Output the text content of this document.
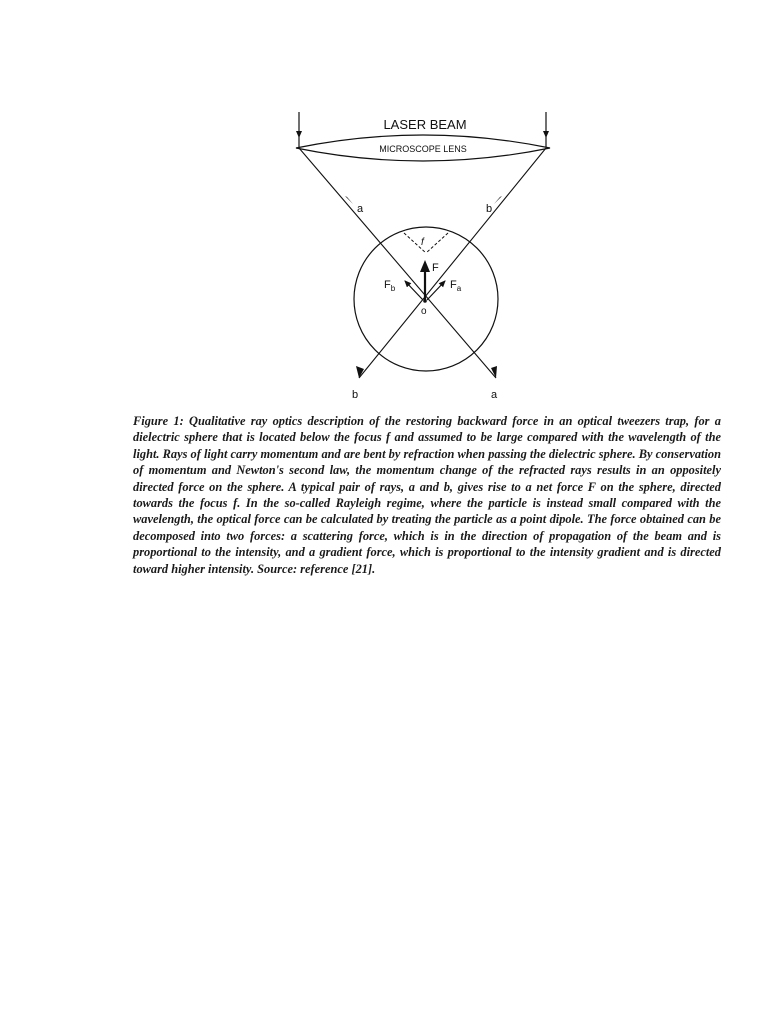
LASER BEAM
MICROSCOPE LENS
a	b
b	a
f
F
$F_b$	$F_a$
o

Figure 1: Qualitative ray optics description of the restoring backward force in an optical tweezers trap, for a dielectric sphere that is located below the focus f and assumed to be large compared with the wavelength of the light. Rays of light carry momentum and are bent by refraction when passing the dielectric sphere. By conservation of momentum and Newton's second law, the momentum change of the refracted rays results in an oppositely directed force on the sphere. A typical pair of rays, a and b, gives rise to a net force F on the sphere, directed towards the focus f. In the so-called Rayleigh regime, where the particle is instead small compared with the wavelength, the optical force can be calculated by treating the particle as a point dipole. The force obtained can be decomposed into two forces: a scattering force, which is in the direction of propagation of the beam and is proportional to the intensity, and a gradient force, which is proportional to the intensity gradient and is directed toward higher intensity. Source: reference [21].
